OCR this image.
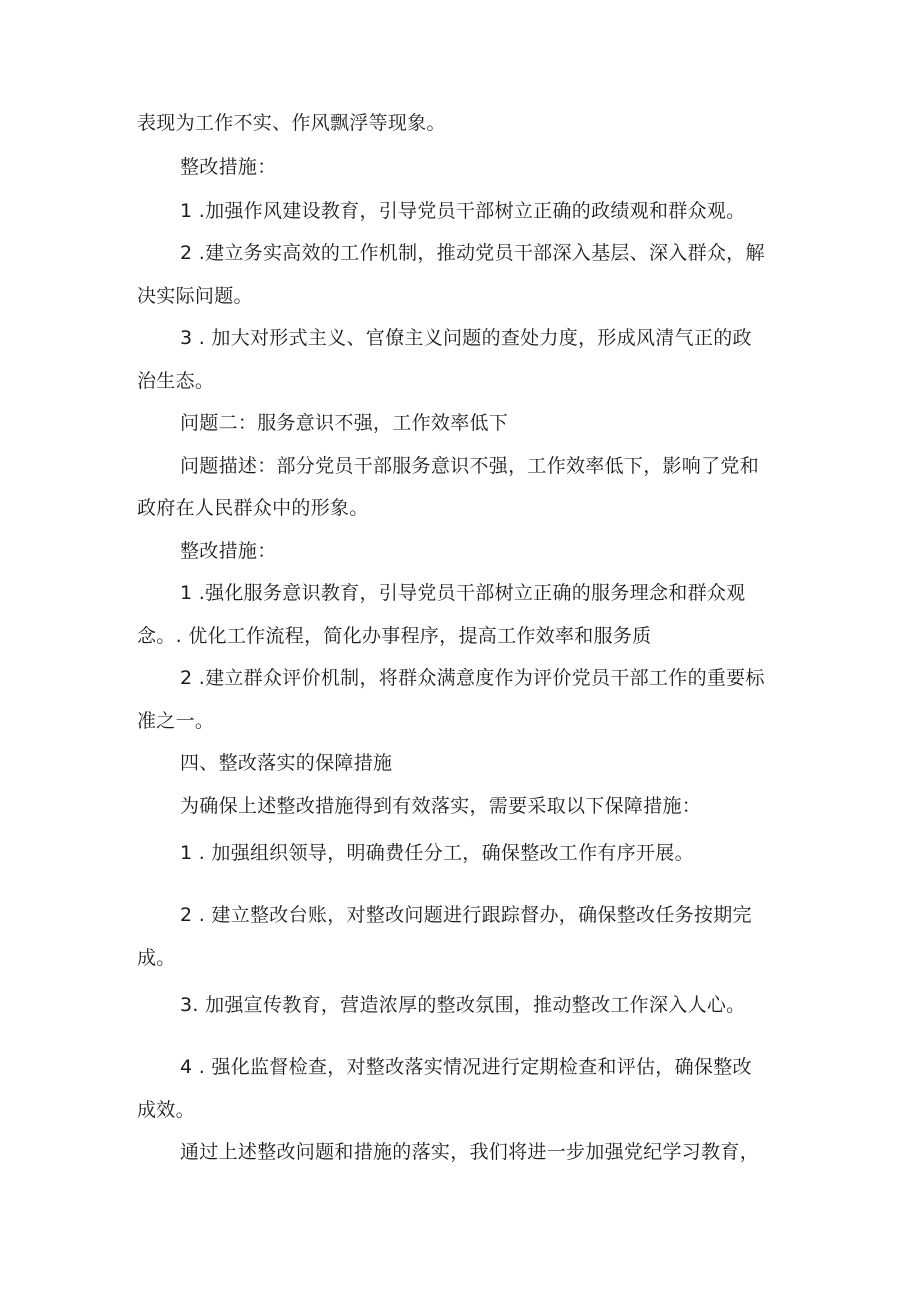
表现为工作不实、作风飘浮等现象。
整改措施：
1 .加强作风建设教育，引导党员干部树立正确的政绩观和群众观。
2 .建立务实高效的工作机制，推动党员干部深入基层、深入群众，解
决实际问题。
3 . 加大对形式主义、官僚主义问题的查处力度，形成风清气正的政
治生态。
问题二：服务意识不强，工作效率低下
问题描述：部分党员干部服务意识不强，工作效率低下，影响了党和
政府在人民群众中的形象。
整改措施：
1 .强化服务意识教育，引导党员干部树立正确的服务理念和群众观
念。. 优化工作流程，简化办事程序，提高工作效率和服务质
2 .建立群众评价机制，将群众满意度作为评价党员干部工作的重要标
准之一。
四、整改落实的保障措施
为确保上述整改措施得到有效落实，需要采取以下保障措施：
1 . 加强组织领导，明确费任分工，确保整改工作有序开展。
2 . 建立整改台账，对整改问题进行跟踪督办，确保整改任务按期完
成。
3. 加强宣传教育，营造浓厚的整改氛围，推动整改工作深入人心。
4 . 强化监督检查，对整改落实情况进行定期检查和评估，确保整改
成效。
通过上述整改问题和措施的落实，我们将进一步加强党纪学习教育，
